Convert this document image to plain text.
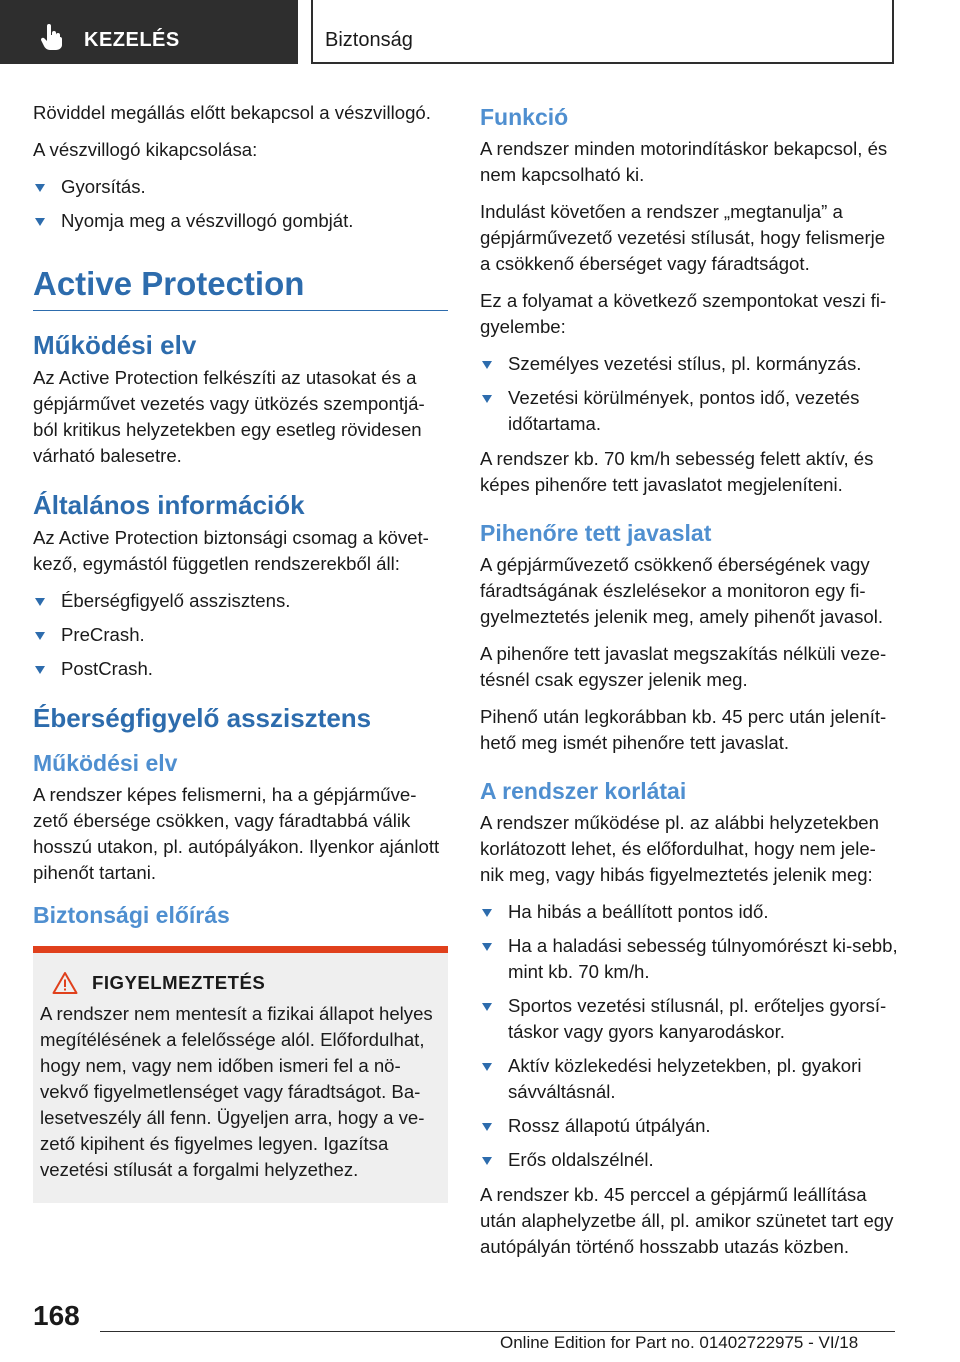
KEZELÉS	Biztonság

Röviddel megállás előtt bekapcsol a vészvillogó.

A vészvillogó kikapcsolása:

Gyorsítás.
Nyomja meg a vészvillogó gombját.
Active Protection
Működési elv

Az Active Protection felkészíti az utasokat és a gépjárművet vezetés vagy ütközés szempontjá-ból kritikus helyzetekben egy esetleg rövidesen várható balesetre.

Általános információk

Az Active Protection biztonsági csomag a követ-kező, egymástól független rendszerekből áll:

Éberségfigyelő asszisztens.
PreCrash.
PostCrash.
Éberségfigyelő asszisztens
Működési elv

A rendszer képes felismerni, ha a gépjárműve-zető ébersége csökken, vagy fáradtabbá válik hosszú utakon, pl. autópályákon. Ilyenkor ajánlott pihenőt tartani.

Biztonsági előírás
FIGYELMEZTETÉS

A rendszer nem mentesít a fizikai állapot helyes megítélésének a felelőssége alól. Előfordulhat, hogy nem, vagy nem időben ismeri fel a nö-vekvő figyelmetlenséget vagy fáradtságot. Ba-lesetveszély áll fenn. Ügyeljen arra, hogy a ve-zető kipihent és figyelmes legyen. Igazítsa vezetési stílusát a forgalmi helyzethez.

Funkció

A rendszer minden motorindításkor bekapcsol, és nem kapcsolható ki.

Indulást követően a rendszer „megtanulja” a gépjárművezető vezetési stílusát, hogy felismerje a csökkenő éberséget vagy fáradtságot.

Ez a folyamat a következő szempontokat veszi fi-gyelembe:

Személyes vezetési stílus, pl. kormányzás.
Vezetési körülmények, pontos idő, vezetés időtartama.

A rendszer kb. 70 km/h sebesség felett aktív, és képes pihenőre tett javaslatot megjeleníteni.

Pihenőre tett javaslat

A gépjárművezető csökkenő éberségének vagy fáradtságának észlelésekor a monitoron egy fi-gyelmeztetés jelenik meg, amely pihenőt javasol.

A pihenőre tett javaslat megszakítás nélküli veze-tésnél csak egyszer jelenik meg.

Pihenő után legkorábban kb. 45 perc után jelenít-hető meg ismét pihenőre tett javaslat.

A rendszer korlátai

A rendszer működése pl. az alábbi helyzetekben korlátozott lehet, és előfordulhat, hogy nem jele-nik meg, vagy hibás figyelmeztetés jelenik meg:

Ha hibás a beállított pontos idő.
Ha a haladási sebesség túlnyomórészt ki-sebb, mint kb. 70 km/h.
Sportos vezetési stílusnál, pl. erőteljes gyorsí-táskor vagy gyors kanyarodáskor.
Aktív közlekedési helyzetekben, pl. gyakori sávváltásnál.
Rossz állapotú útpályán.
Erős oldalszélnél.

A rendszer kb. 45 perccel a gépjármű leállítása után alaphelyzetbe áll, pl. amikor szünetet tart egy autópályán történő hosszabb utazás közben.

168
Online Edition for Part no. 01402722975 - VI/18
